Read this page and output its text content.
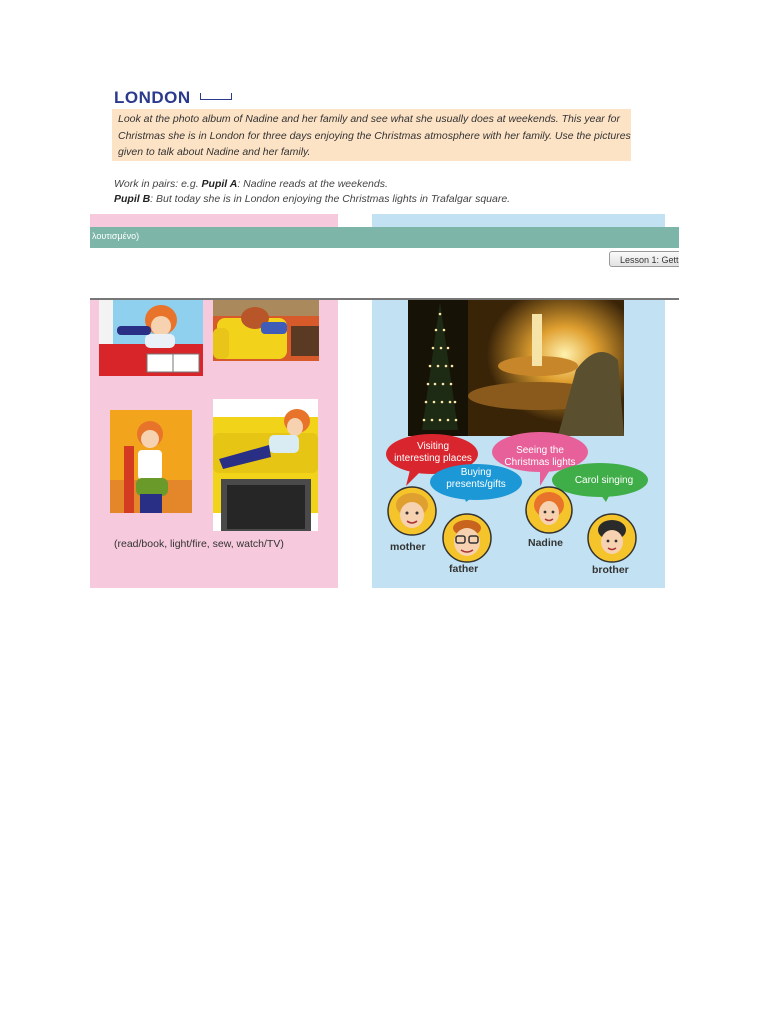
LONDON
Look at the photo album of Nadine and her family and see what she usually does at weekends. This year for Christmas she is in London for three days enjoying the Christmas atmosphere with her family. Use the pictures given to talk about Nadine and her family.
Work in pairs: e.g. Pupil A: Nadine reads at the weekends.
Pupil B: But today she is in London enjoying the Christmas lights in Trafalgar square.
(read/book, light/fire, sew, watch/TV)
Visiting
interesting places
Seeing the
Christmas lights
Buying
presents/gifts	Carol singing
mother
father
Nadine
brother
λουτισμένο)
Lesson 1: Gett
